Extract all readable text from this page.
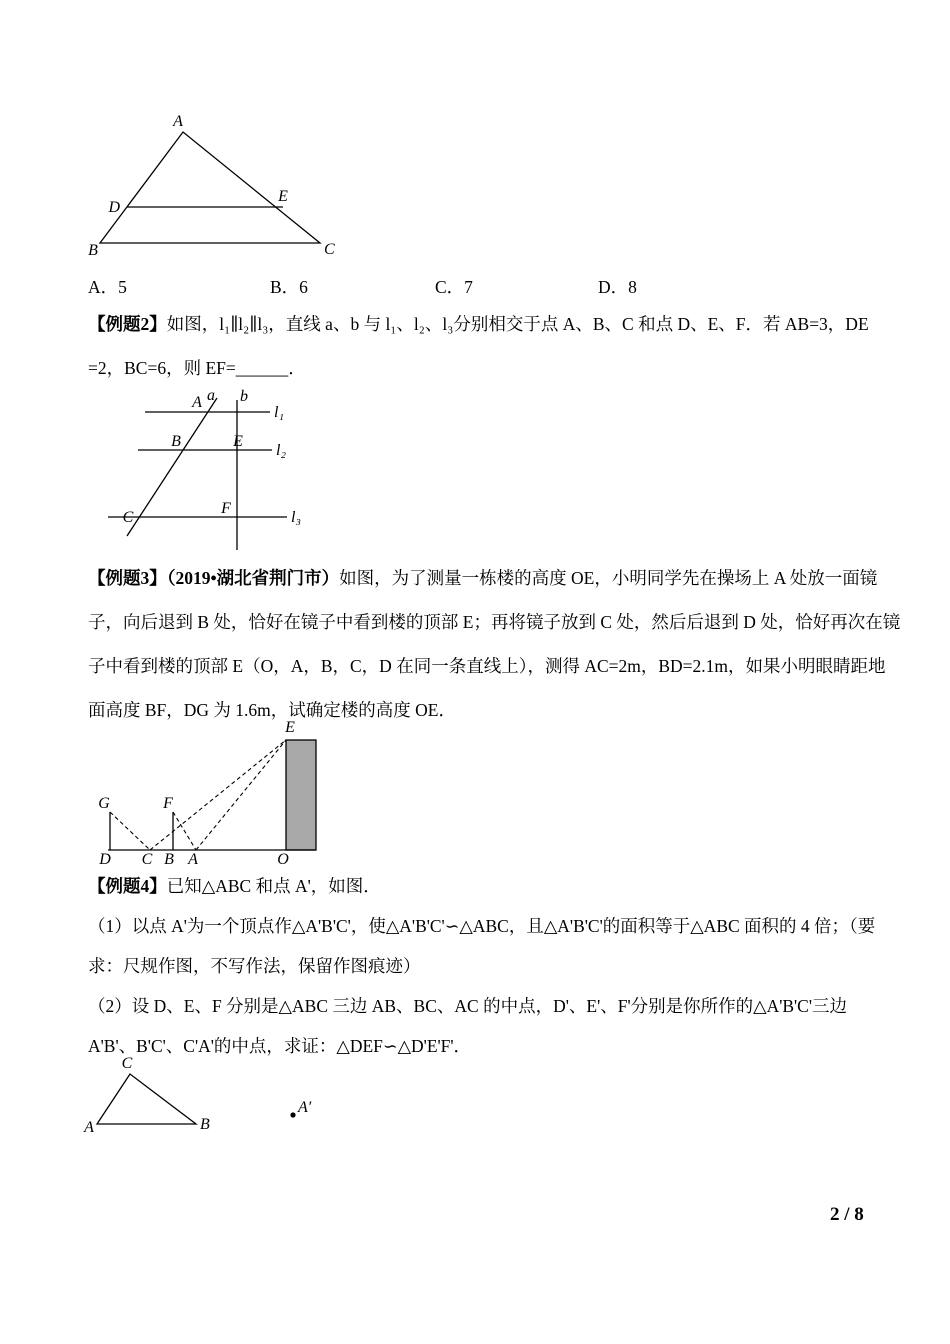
A
D
E
B	C
A．5	B．6	C．7	D．8
【例题2】如图，l₁∥l₂∥l₃，直线 a、b 与 l₁、l₂、l₃分别相交于点 A、B、C 和点 D、E、F．若 AB=3，DE
=2，BC=6，则 EF=______．
a b
l₁
l₂
l₃
A
B
C
E
F
【例题3】（2019•湖北省荆门市）如图，为了测量一栋楼的高度 OE，小明同学先在操场上 A 处放一面镜
子，向后退到 B 处，恰好在镜子中看到楼的顶部 E；再将镜子放到 C 处，然后后退到 D 处，恰好再次在镜
子中看到楼的顶部 E（O，A，B，C，D 在同一条直线上），测得 AC=2m，BD=2.1m，如果小明眼睛距地
面高度 BF，DG 为 1.6m，试确定楼的高度 OE．
E
G	F
D C B A	O
【例题4】已知△ABC 和点 A'，如图．
（1）以点 A'为一个顶点作△A'B'C'，使△A'B'C'∽△ABC，且△A'B'C'的面积等于△ABC 面积的 4 倍；（要
求：尺规作图，不写作法，保留作图痕迹）
（2）设 D、E、F 分别是△ABC 三边 AB、BC、AC 的中点，D'、E'、F'分别是你所作的△A'B'C'三边
A'B'、B'C'、C'A'的中点，求证：△DEF∽△D'E'F'．
C
A	B
A′
2 / 8
